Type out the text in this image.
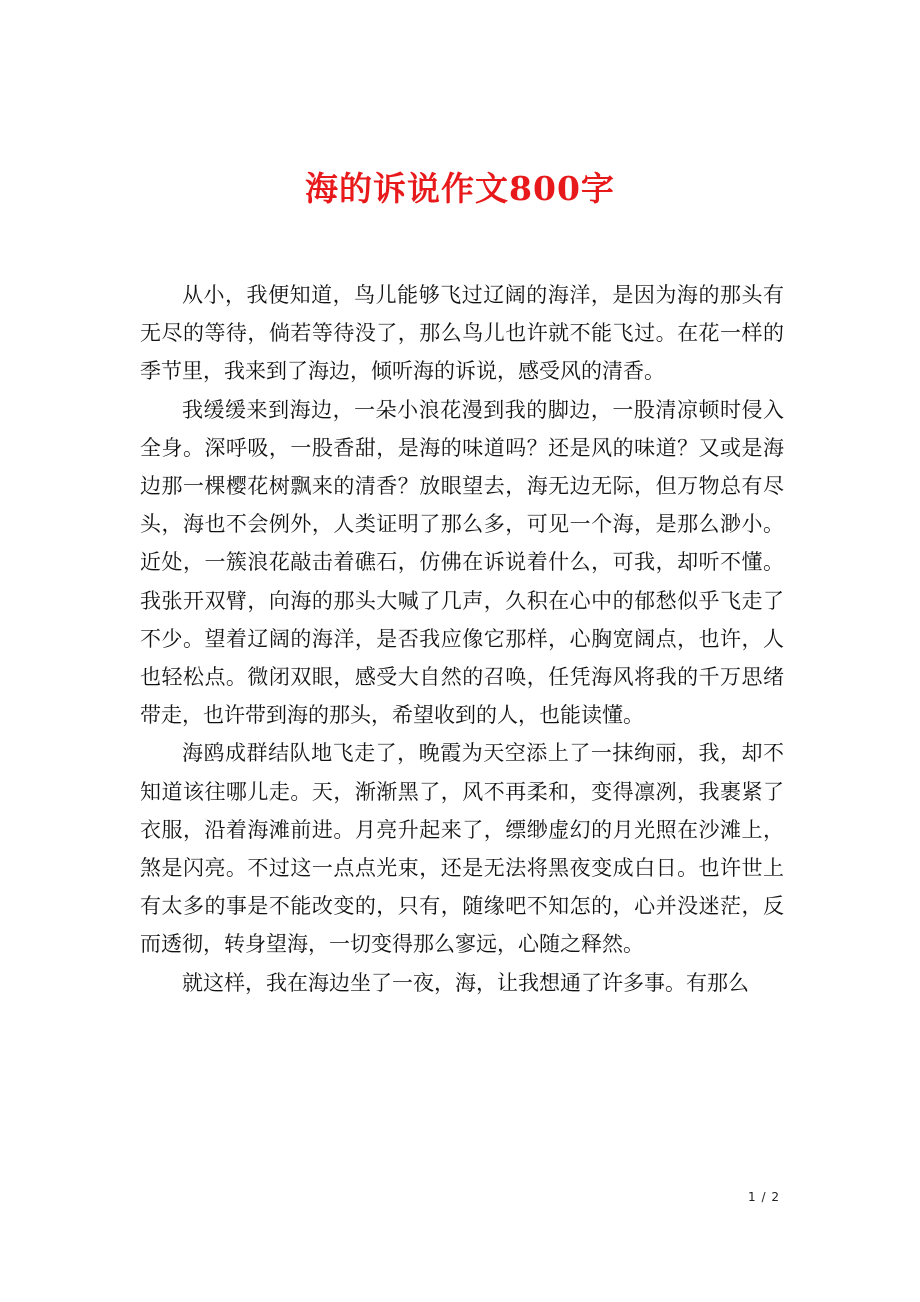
海的诉说作文800字

从小，我便知道，鸟儿能够飞过辽阔的海洋，是因为海的那头有无尽的等待，倘若等待没了，那么鸟儿也许就不能飞过。在花一样的季节里，我来到了海边，倾听海的诉说，感受风的清香。

我缓缓来到海边，一朵小浪花漫到我的脚边，一股清凉顿时侵入全身。深呼吸，一股香甜，是海的味道吗？还是风的味道？又或是海边那一棵樱花树飘来的清香？放眼望去，海无边无际，但万物总有尽头，海也不会例外，人类证明了那么多，可见一个海，是那么渺小。近处，一簇浪花敲击着礁石，仿佛在诉说着什么，可我，却听不懂。我张开双臂，向海的那头大喊了几声，久积在心中的郁愁似乎飞走了不少。望着辽阔的海洋，是否我应像它那样，心胸宽阔点，也许，人也轻松点。微闭双眼，感受大自然的召唤，任凭海风将我的千万思绪带走，也许带到海的那头，希望收到的人，也能读懂。

海鸥成群结队地飞走了，晚霞为天空添上了一抹绚丽，我，却不知道该往哪儿走。天，渐渐黑了，风不再柔和，变得凛冽，我裹紧了衣服，沿着海滩前进。月亮升起来了，缥缈虚幻的月光照在沙滩上，煞是闪亮。不过这一点点光束，还是无法将黑夜变成白日。也许世上有太多的事是不能改变的，只有，随缘吧不知怎的，心并没迷茫，反而透彻，转身望海，一切变得那么寥远，心随之释然。

就这样，我在海边坐了一夜，海，让我想通了许多事。有那么

1 / 2
